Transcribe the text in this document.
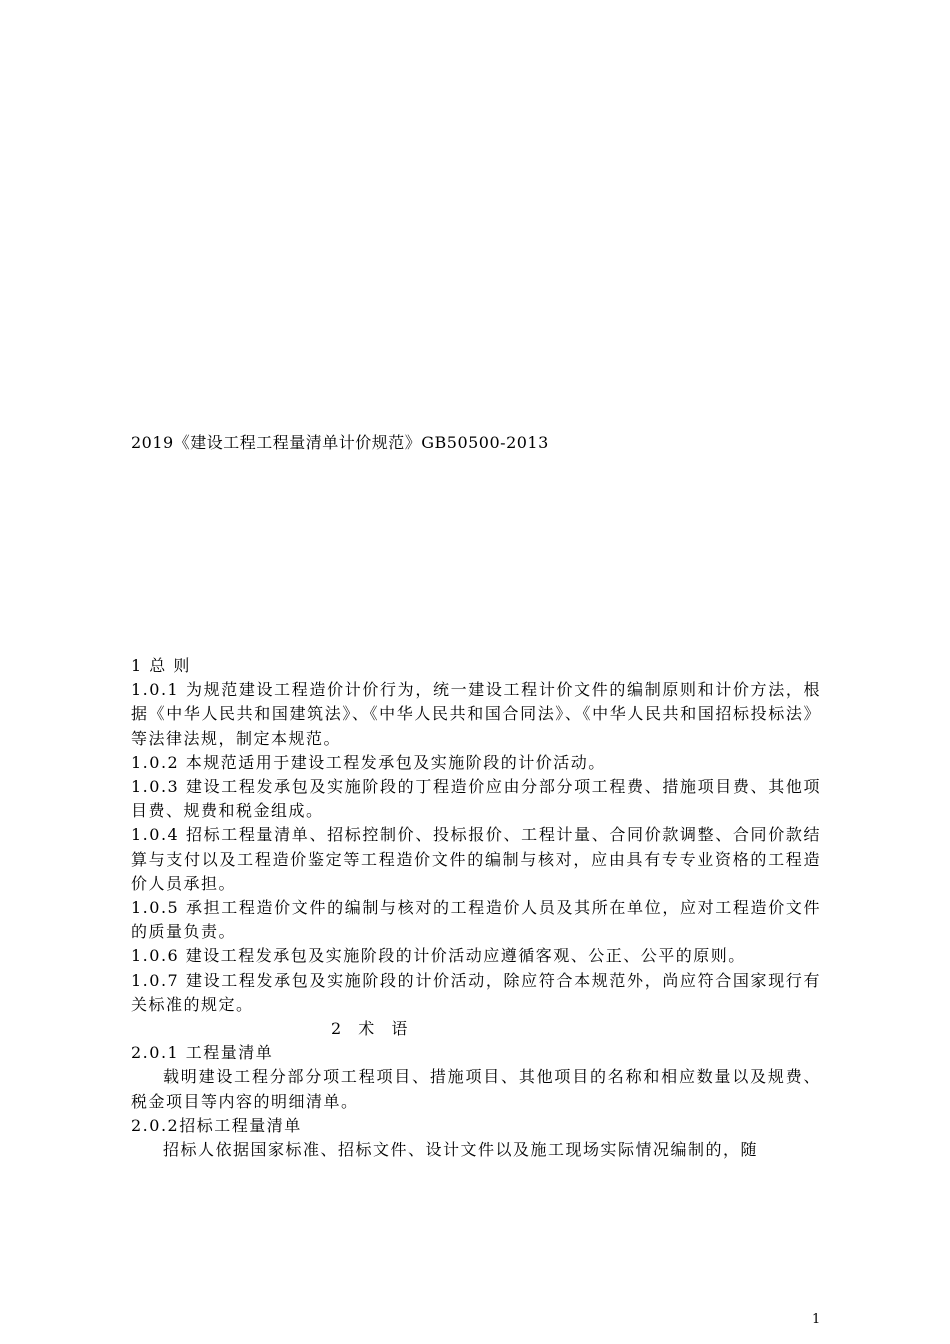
2019《建设工程工程量清单计价规范》GB50500-2013

1 总 则

1.0.1 为规范建设工程造价计价行为，统一建设工程计价文件的编制原则和计价方法，根据《中华人民共和国建筑法》、《中华人民共和国合同法》、《中华人民共和国招标投标法》等法律法规，制定本规范。

1.0.2 本规范适用于建设工程发承包及实施阶段的计价活动。

1.0.3 建设工程发承包及实施阶段的丁程造价应由分部分项工程费、措施项目费、其他项目费、规费和税金组成。

1.0.4 招标工程量清单、招标控制价、投标报价、工程计量、合同价款调整、合同价款结算与支付以及工程造价鉴定等工程造价文件的编制与核对，应由具有专专业资格的工程造价人员承担。

1.0.5 承担工程造价文件的编制与核对的工程造价人员及其所在单位，应对工程造价文件的质量负责。

1.0.6 建设工程发承包及实施阶段的计价活动应遵循客观、公正、公平的原则。

1.0.7 建设工程发承包及实施阶段的计价活动，除应符合本规范外，尚应符合国家现行有关标准的规定。

2 术 语

2.0.1 工程量清单

载明建设工程分部分项工程项目、措施项目、其他项目的名称和相应数量以及规费、税金项目等内容的明细清单。

2.0.2招标工程量清单

招标人依据国家标准、招标文件、设计文件以及施工现场实际情况编制的，随

1
